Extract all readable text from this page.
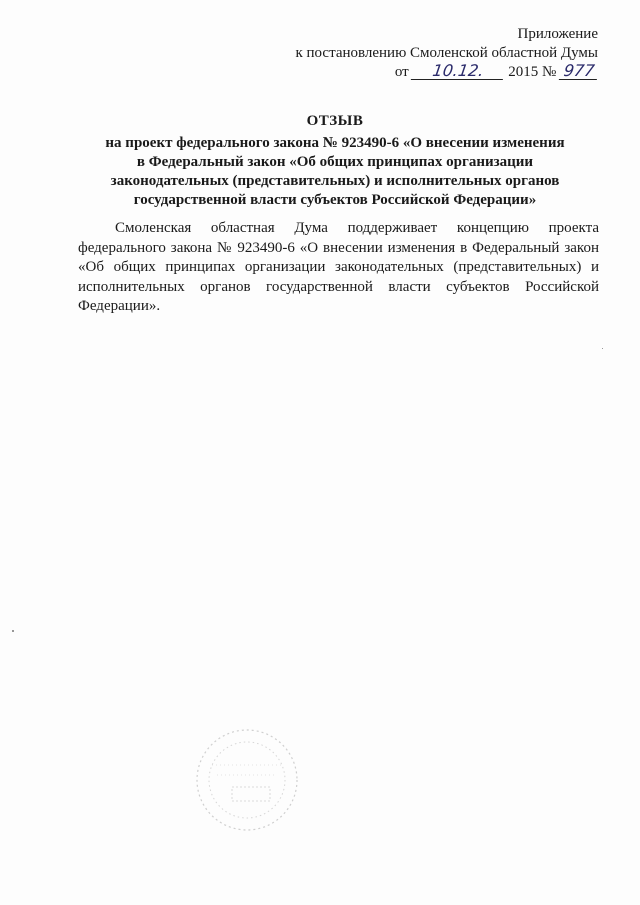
Приложение
к постановлению Смоленской областной Думы
от 10.12. 2015 № 977
ОТЗЫВ
на проект федерального закона № 923490-6 «О внесении изменения
в Федеральный закон «Об общих принципах организации
законодательных (представительных) и исполнительных органов
государственной власти субъектов Российской Федерации»
Смоленская областная Дума поддерживает концепцию проекта федерального закона № 923490-6 «О внесении изменения в Федеральный закон «Об общих принципах организации законодательных (представительных) и исполнительных органов государственной власти субъектов Российской Федерации».
